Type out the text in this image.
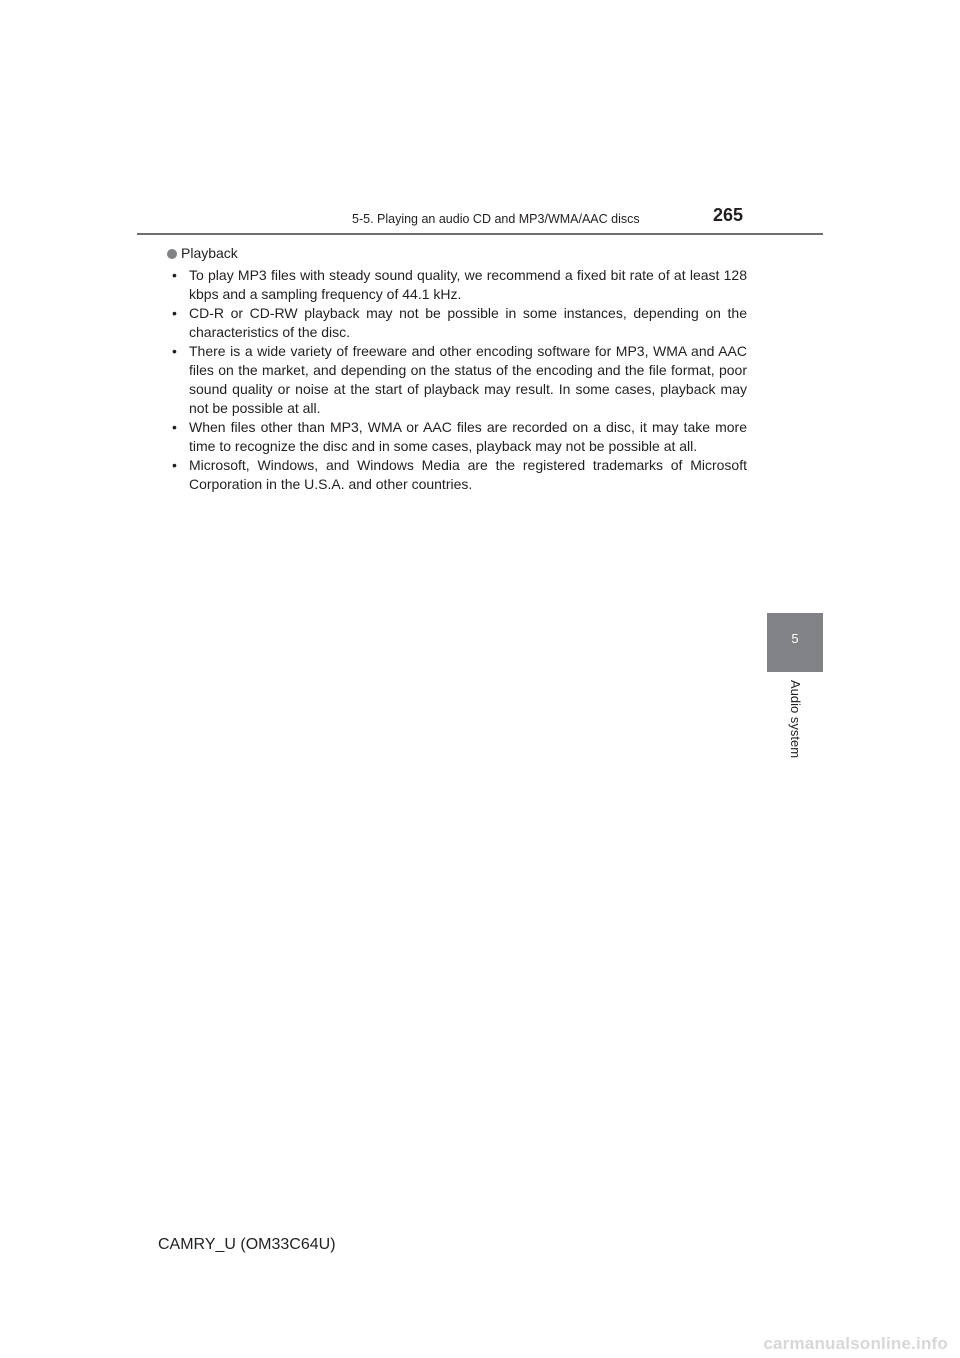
5-5. Playing an audio CD and MP3/WMA/AAC discs	265
Playback
• To play MP3 files with steady sound quality, we recommend a fixed bit rate of at least 128 kbps and a sampling frequency of 44.1 kHz.
• CD-R or CD-RW playback may not be possible in some instances, depending on the characteristics of the disc.
• There is a wide variety of freeware and other encoding software for MP3, WMA and AAC files on the market, and depending on the status of the encoding and the file format, poor sound quality or noise at the start of playback may result. In some cases, playback may not be possible at all.
• When files other than MP3, WMA or AAC files are recorded on a disc, it may take more time to recognize the disc and in some cases, playback may not be possible at all.
• Microsoft, Windows, and Windows Media are the registered trademarks of Microsoft Corporation in the U.S.A. and other countries.
5
Audio system
CAMRY_U (OM33C64U)
carmanualsonline.info
